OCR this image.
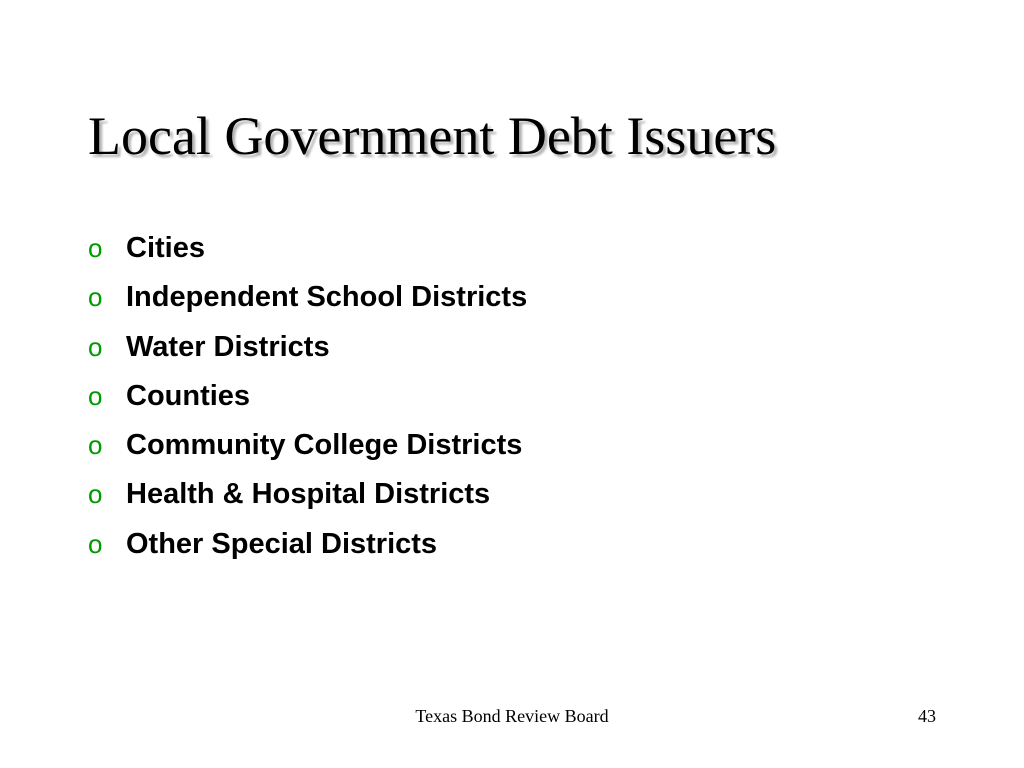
Local Government Debt Issuers
o Cities
o Independent School Districts
o Water Districts
o Counties
o Community College Districts
o Health & Hospital Districts
o Other Special Districts
Texas Bond Review Board	43
